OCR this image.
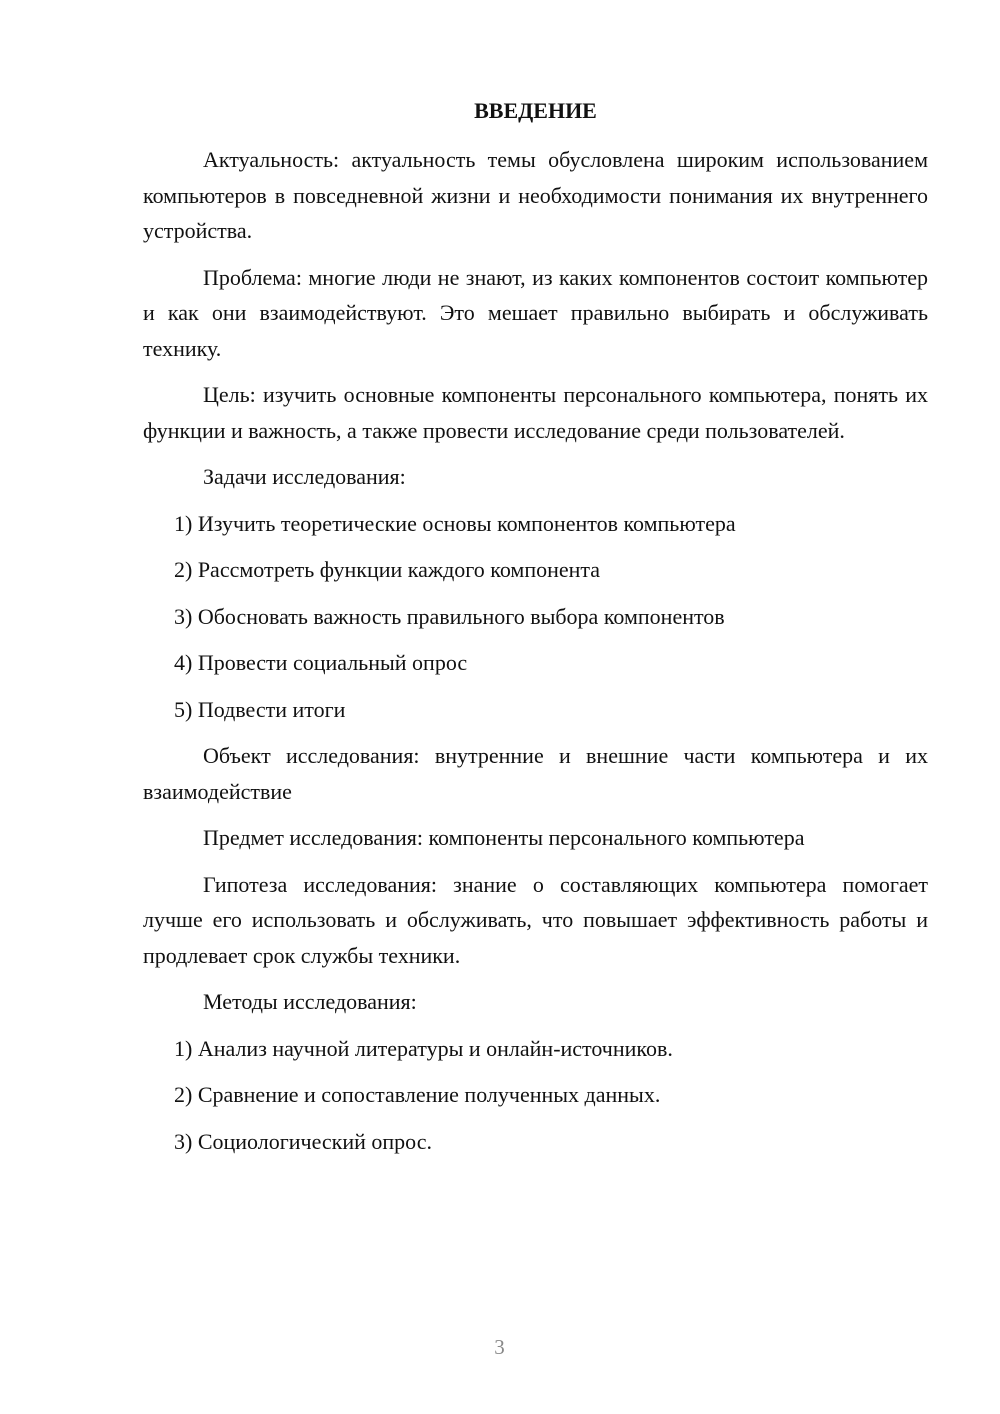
ВВЕДЕНИЕ

Актуальность: актуальность темы обусловлена широким использованием компьютеров в повседневной жизни и необходимости понимания их внутреннего устройства.

Проблема: многие люди не знают, из каких компонентов состоит компьютер и как они взаимодействуют. Это мешает правильно выбирать и обслуживать технику.

Цель: изучить основные компоненты персонального компьютера, понять их функции и важность, а также провести исследование среди пользователей.

Задачи исследования:

1) Изучить теоретические основы компонентов компьютера

2) Рассмотреть функции каждого компонента

3) Обосновать важность правильного выбора компонентов

4) Провести социальный опрос

5) Подвести итоги

Объект исследования: внутренние и внешние части компьютера и их взаимодействие

Предмет исследования: компоненты персонального компьютера

Гипотеза исследования: знание о составляющих компьютера помогает лучше его использовать и обслуживать, что повышает эффективность работы и продлевает срок службы техники.

Методы исследования:

1) Анализ научной литературы и онлайн-источников.

2) Сравнение и сопоставление полученных данных.

3) Социологический опрос.

3
